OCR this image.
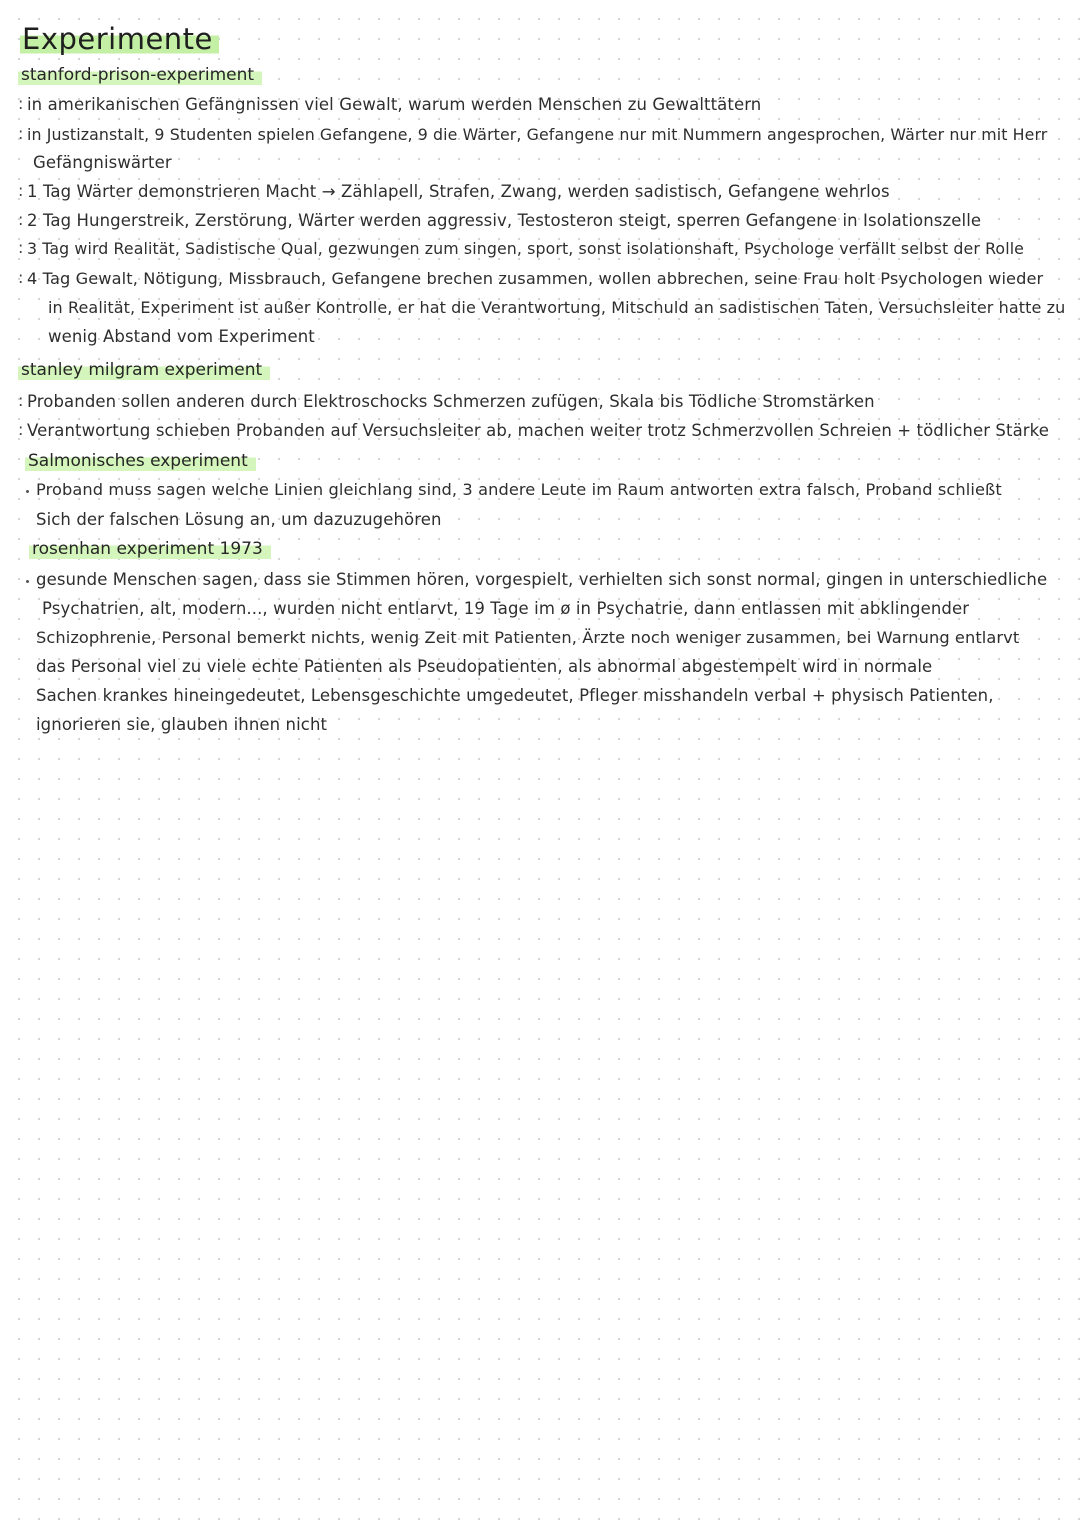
Experimente
stanford-prison-experiment
: in amerikanischen Gefängnissen viel Gewalt, warum werden Menschen zu Gewalttätern
: in Justizanstalt, 9 Studenten spielen Gefangene, 9 die Wärter, Gefangene nur mit Nummern angesprochen, Wärter nur mit Herr
Gefängniswärter
: 1 Tag Wärter demonstrieren Macht → Zählapell, Strafen, Zwang, werden sadistisch, Gefangene wehrlos
: 2 Tag Hungerstreik, Zerstörung, Wärter werden aggressiv, Testosteron steigt, sperren Gefangene in Isolationszelle
: 3 Tag wird Realität, Sadistische Qual, gezwungen zum singen, sport, sonst isolationshaft, Psychologe verfällt selbst der Rolle
: 4 Tag Gewalt, Nötigung, Missbrauch, Gefangene brechen zusammen, wollen abbrechen, seine Frau holt Psychologen wieder
in Realität, Experiment ist außer Kontrolle, er hat die Verantwortung, Mitschuld an sadistischen Taten, Versuchsleiter hatte zu
wenig Abstand vom Experiment
stanley milgram experiment
: Probanden sollen anderen durch Elektroschocks Schmerzen zufügen, Skala bis Tödliche Stromstärken
: Verantwortung schieben Probanden auf Versuchsleiter ab, machen weiter trotz Schmerzvollen Schreien + tödlicher Stärke
Salmonisches experiment
Proband muss sagen welche Linien gleichlang sind, 3 andere Leute im Raum antworten extra falsch, Proband schließt
Sich der falschen Lösung an, um dazuzugehören
rosenhan experiment 1973
gesunde Menschen sagen, dass sie Stimmen hören, vorgespielt, verhielten sich sonst normal, gingen in unterschiedliche
Psychatrien, alt, modern..., wurden nicht entlarvt, 19 Tage im ø in Psychatrie, dann entlassen mit abklingender
Schizophrenie, Personal bemerkt nichts, wenig Zeit mit Patienten, Ärzte noch weniger zusammen, bei Warnung entlarvt
das Personal viel zu viele echte Patienten als Pseudopatienten, als abnormal abgestempelt wird in normale
Sachen krankes hineingedeutet, Lebensgeschichte umgedeutet, Pfleger misshandeln verbal + physisch Patienten,
ignorieren sie, glauben ihnen nicht
